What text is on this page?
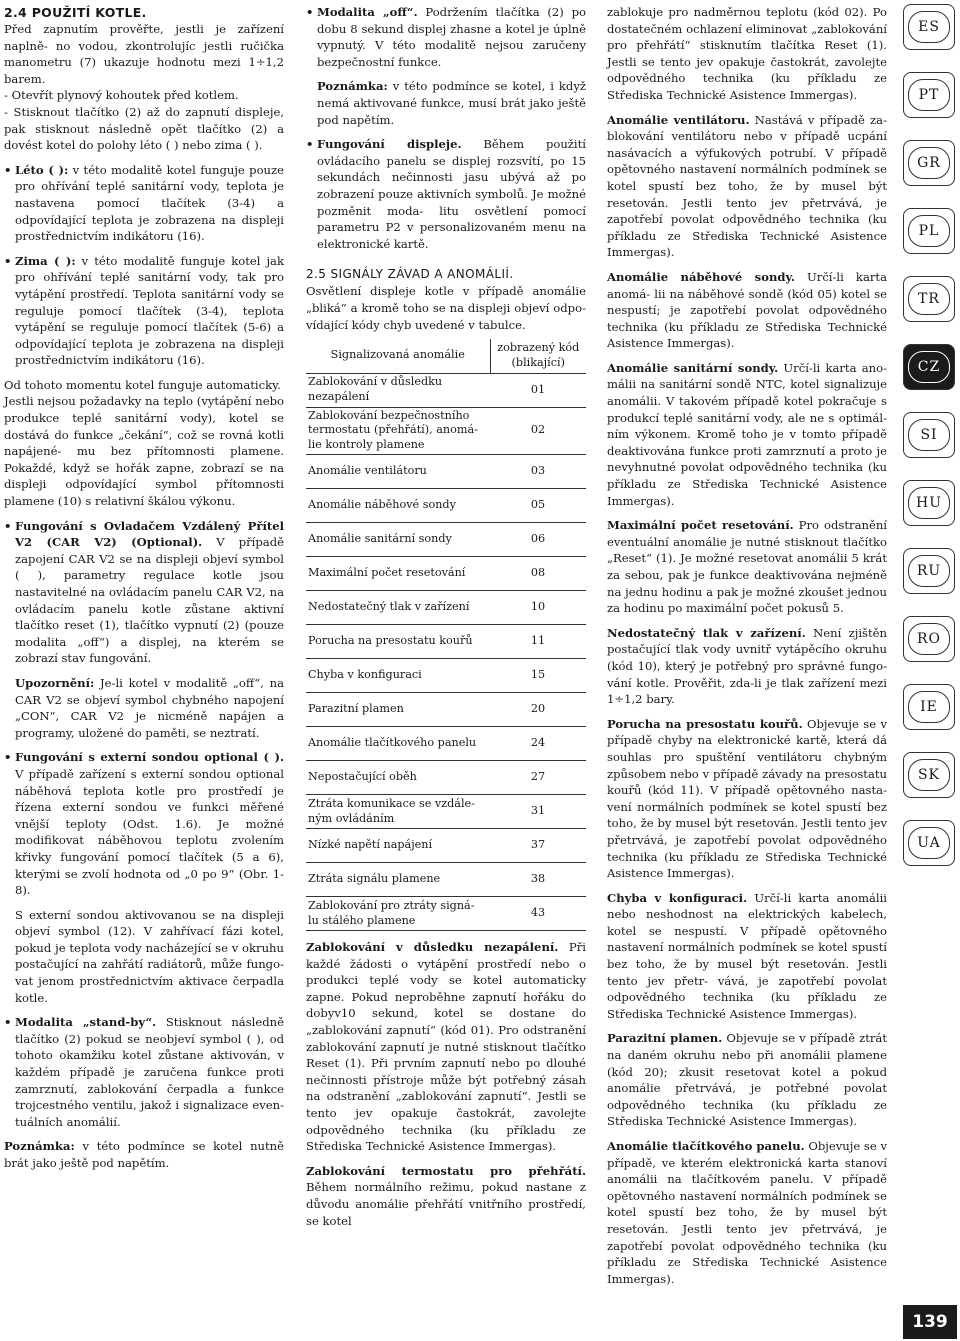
2.4 POUŽITÍ KOTLE.

Před zapnutím prověřte, jestli je zařízení naplně- no vodou, zkontrolujíc jestli ručička manometru (7) ukazuje hodnotu mezi 1÷1,2 barem.

- Otevřít plynový kohoutek před kotlem.

- Stisknout tlačítko (2) až do zapnutí displeje, pak stisknout následně opět tlačítko (2) a dovést kotel do polohy léto ( ) nebo zima ( ).

• Léto ( ): v této modalitě kotel funguje pouze pro ohřívání teplé sanitární vody, teplota je nastavena pomocí tlačítek (3-4) a odpovídající teplota je zobrazena na displeji prostřednictvím indikátoru (16).
• Zima ( ): v této modalitě funguje kotel jak pro ohřívání teplé sanitární vody, tak pro vytápění prostředí. Teplota sanitární vody se reguluje pomocí tlačítek (3-4), teplota vytápění se reguluje pomocí tlačítek (5-6) a odpovídající teplota je zobrazena na displeji prostřednictvím indikátoru (16).

Od tohoto momentu kotel funguje automaticky.

Jestli nejsou požadavky na teplo (vytápění nebo produkce teplé sanitární vody), kotel se dostává do funkce „čekání“, což se rovná kotli napájené- mu bez přítomnosti plamene. Pokaždé, když se hořák zapne, zobrazí se na displeji odpovídající symbol přítomnosti plamene (10) s relativní škálou výkonu.

• Fungování s Ovladačem Vzdálený Přítel V2 (CAR V2) (Optional). V případě zapojení CAR V2 se na displeji objeví symbol ( ), parametry regulace kotle jsou nastavitelné na ovládacím panelu CAR V2, na ovládacím panelu kotle zůstane aktivní tlačítko reset (1), tlačítko vypnutí (2) (pouze modalita „off“) a displej, na kterém se zobrazí stav fungování.

Upozornění: Je-li kotel v modalitě „off“, na CAR V2 se objeví symbol chybného napojení „CON“, CAR V2 je nicméně napájen a programy, uložené do paměti, se neztratí.

• Fungování s externí sondou optional ( ). V případě zařízení s externí sondou optional náběhová teplota kotle pro prostředí je řízena externí sondou ve funkci měřené vnější teploty (Odst. 1.6). Je možné modifikovat náběhovou teplotu zvolením křivky fungování pomocí tlačítek (5 a 6), kterými se zvolí hodnota od „0 po 9“ (Obr. 1-8).

S externí sondou aktivovanou se na displeji objeví symbol (12). V zahřívací fázi kotel, pokud je teplota vody nacházející se v okruhu postačující na zahřátí radiátorů, může fungo- vat jenom prostřednictvím aktivace čerpadla kotle.

• Modalita „stand-by“. Stisknout následně tlačítko (2) pokud se neobjeví symbol ( ), od tohoto okamžiku kotel zůstane aktivován, v každém případě je zaručena funkce proti zamrznutí, zablokování čerpadla a funkce trojcestného ventilu, jakož i signalizace even- tuálních anomálií.

Poznámka: v této podmínce se kotel nutně brát jako ještě pod napětím.

• Modalita „off“. Podržením tlačítka (2) po dobu 8 sekund displej zhasne a kotel je úplně vypnutý. V této modalitě nejsou zaručeny bezpečnostní funkce.

Poznámka: v této podmínce se kotel, i když nemá aktivované funkce, musí brát jako ještě pod napětím.

• Fungování displeje. Během použití ovládacího panelu se displej rozsvítí, po 15 sekundách nečinnosti jasu ubývá až po zobrazení pouze aktivních symbolů. Je možné pozměnit moda- litu osvětlení pomocí parametru P2 v personalizovaném menu na elektronické kartě.
2.5 SIGNÁLY ZÁVAD A ANOMÁLIÍ.

Osvětlení displeje kotle v případě anomálie „bliká“ a kromě toho se na displeji objeví odpo- vídající kódy chyb uvedené v tabulce.

Signalizovaná anomálie	zobrazený kód (blikající)
Zablokování v důsledku nezapálení	01
Zablokování bezpečnostního termostatu (přehřátí), anomá- lie kontroly plamene	02
Anomálie ventilátoru	03
Anomálie náběhové sondy	05
Anomálie sanitární sondy	06
Maximální počet resetování	08
Nedostatečný tlak v zařízení	10
Porucha na presostatu kouřů	11
Chyba v konfiguraci	15
Parazitní plamen	20
Anomálie tlačítkového panelu	24
Nepostačující oběh	27
Ztráta komunikace se vzdále- ným ovládáním	31
Nízké napětí napájení	37
Ztráta signálu plamene	38
Zablokování pro ztráty signá- lu stálého plamene	43

Zablokování v důsledku nezapálení. Při každé žádosti o vytápění prostředí nebo o produkci teplé vody se kotel automaticky zapne. Pokud neproběhne zapnutí hořáku do dobyv10 sekund, kotel se dostane do „zablokování zapnutí“ (kód 01). Pro odstranění zablokování zapnutí je nutné stisknout tlačítko Reset (1). Při prvním zapnutí nebo po dlouhé nečinnosti přístroje může být potřebný zásah na odstranění „zablokování zapnutí“. Jestli se tento jev opakuje častokrát, zavolejte odpovědného technika (ku příkladu ze Střediska Technické Asistence Immergas).

Zablokování termostatu pro přehřátí. Během normálního režimu, pokud nastane z důvodu anomálie přehřátí vnitřního prostředí, se kotel

zablokuje pro nadměrnou teplotu (kód 02). Po dostatečném ochlazení eliminovat „zablokování pro přehřátí“ stisknutím tlačítka Reset (1). Jestli se tento jev opakuje častokrát, zavolejte odpovědného technika (ku příkladu ze Střediska Technické Asistence Immergas).

Anomálie ventilátoru. Nastává v případě za- blokování ventilátoru nebo v případě ucpání nasávacích a výfukových potrubí. V případě opětovného nastavení normálních podmínek se kotel spustí bez toho, že by musel být resetován. Jestli tento jev přetrvává, je zapotřebí povolat odpovědného technika (ku příkladu ze Střediska Technické Asistence Immergas).

Anomálie náběhové sondy. Určí-li karta anomá- lii na náběhové sondě (kód 05) kotel se nespustí; je zapotřebí povolat odpovědného technika (ku příkladu ze Střediska Technické Asistence Immergas).

Anomálie sanitární sondy. Určí-li karta ano- málii na sanitární sondě NTC, kotel signalizuje anomálii. V takovém případě kotel pokračuje s produkcí teplé sanitární vody, ale ne s optimál- ním výkonem. Kromě toho je v tomto případě deaktivována funkce proti zamrznutí a proto je nevyhnutné povolat odpovědného technika (ku příkladu ze Střediska Technické Asistence Immergas).

Maximální počet resetování. Pro odstranění eventuální anomálie je nutné stisknout tlačítko „Reset“ (1). Je možné resetovat anomálii 5 krát za sebou, pak je funkce deaktivována nejméně na jednu hodinu a pak je možné zkoušet jednou za hodinu po maximální počet pokusů 5.

Nedostatečný tlak v zařízení. Není zjištěn postačující tlak vody uvnitř vytápěcího okruhu (kód 10), který je potřebný pro správné fungo- vání kotle. Prověřit, zda-li je tlak zařízení mezi 1÷1,2 bary.

Porucha na presostatu kouřů. Objevuje se v případě chyby na elektronické kartě, která dá souhlas pro spuštění ventilátoru chybným způsobem nebo v případě závady na presostatu kouřů (kód 11). V případě opětovného nasta- vení normálních podmínek se kotel spustí bez toho, že by musel být resetován. Jestli tento jev přetrvává, je zapotřebí povolat odpovědného technika (ku příkladu ze Střediska Technické Asistence Immergas).

Chyba v konfiguraci. Určí-li karta anomálii nebo neshodnost na elektrických kabelech, kotel se nespustí. V případě opětovného nastavení normálních podmínek se kotel spustí bez toho, že by musel být resetován. Jestli tento jev přetr- vává, je zapotřebí povolat odpovědného technika (ku příkladu ze Střediska Technické Asistence Immergas).

Parazitní plamen. Objevuje se v případě ztrát na daném okruhu nebo při anomálii plamene (kód 20); zkusit resetovat kotel a pokud anomálie přetrvává, je potřebné povolat odpovědného technika (ku příkladu ze Střediska Technické Asistence Immergas).

Anomálie tlačítkového panelu. Objevuje se v případě, ve kterém elektronická karta stanoví anomálii na tlačítkovém panelu. V případě opětovného nastavení normálních podmínek se kotel spustí bez toho, že by musel být resetován. Jestli tento jev přetrvává, je zapotřebí povolat odpovědného technika (ku příkladu ze Střediska Technické Asistence Immergas).

ES
PT
GR
PL
TR
CZ
SI
HU
RU
RO
IE
SK
UA
139
